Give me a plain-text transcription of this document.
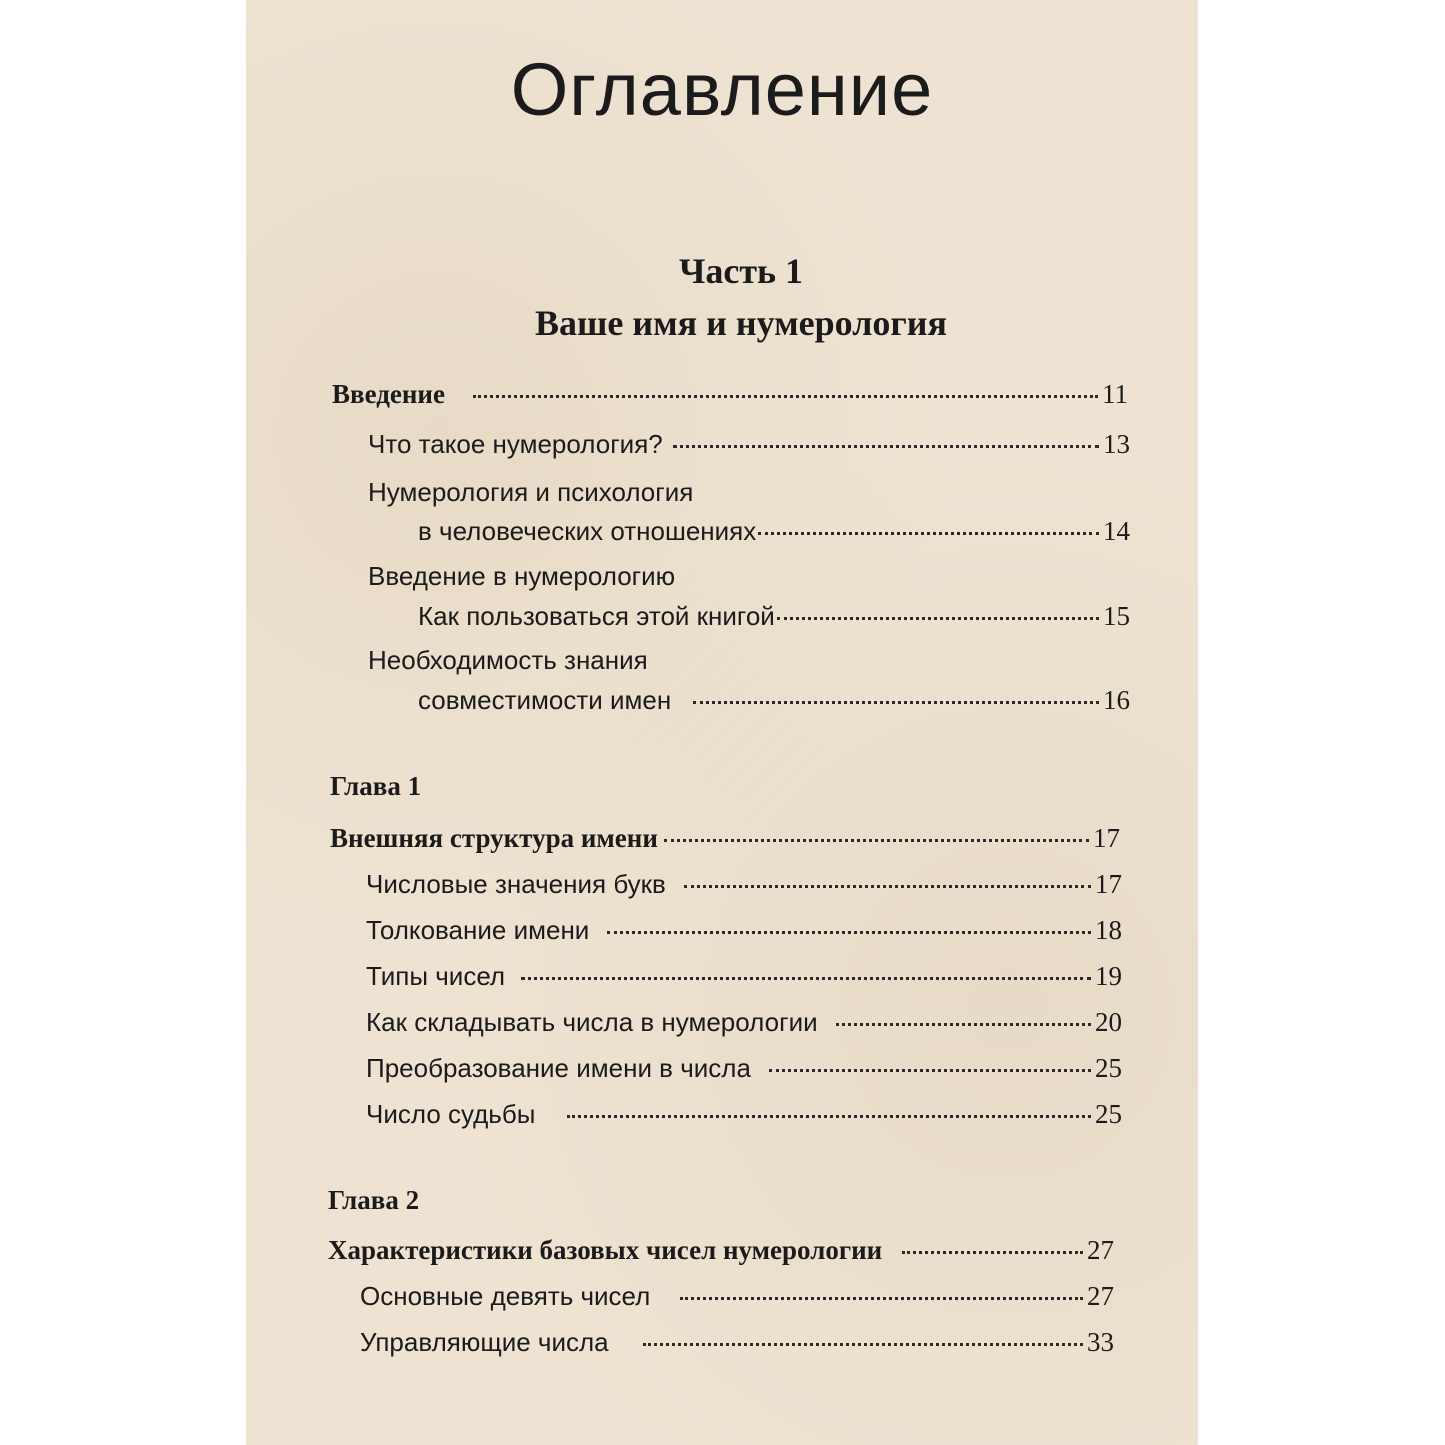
Оглавление
Часть 1
Ваше имя и нумерология
Введение	11
Что такое нумерология?	13
Нумерология и психология
в человеческих отношениях	14
Введение в нумерологию
Как пользоваться этой книгой	15
Необходимость знания
совместимости имен	16
Глава 1
Внешняя структура имени	17
Числовые значения букв	17
Толкование имени	18
Типы чисел	19
Как складывать числа в нумерологии	20
Преобразование имени в числа	25
Число судьбы	25
Глава 2
Характеристики базовых чисел нумерологии	27
Основные девять чисел	27
Управляющие числа	33
